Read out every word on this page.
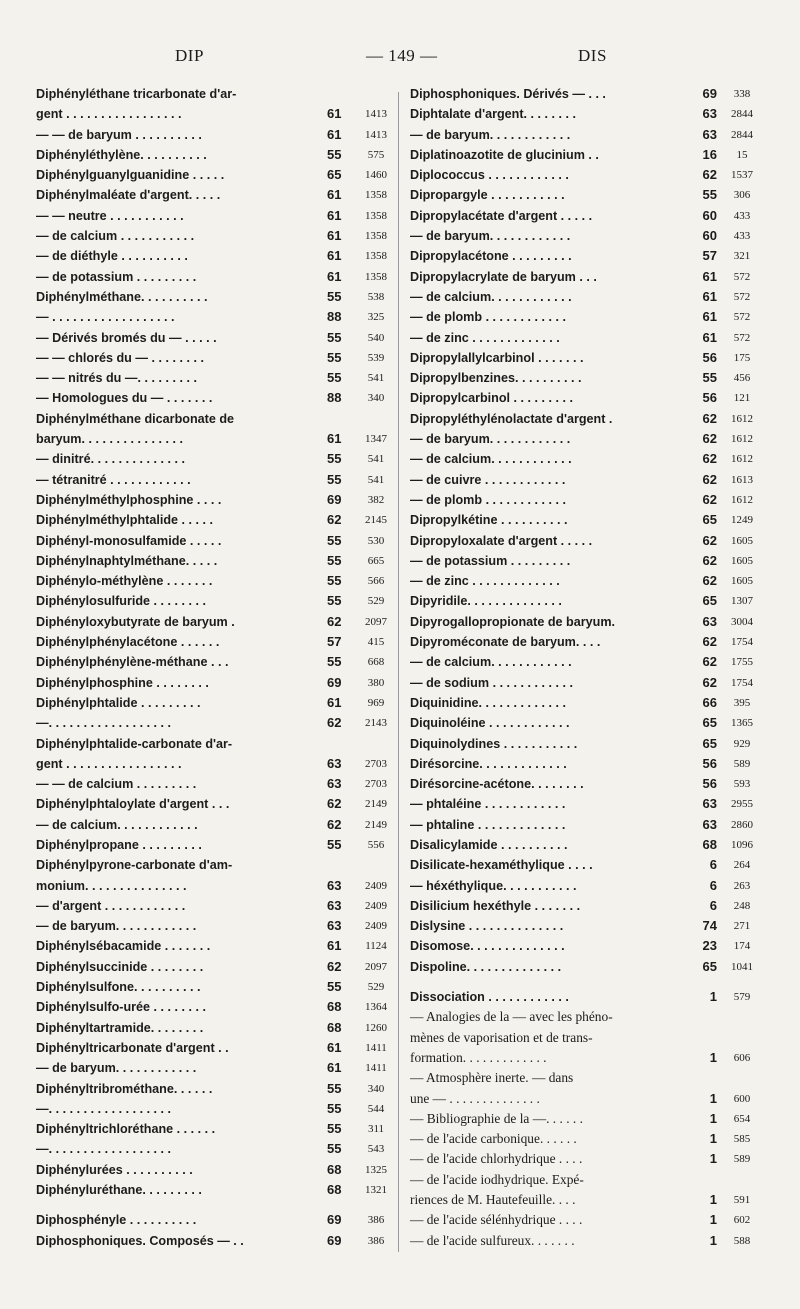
DIP	— 149 —	DIS
Diphényléthane tricarbonate d'ar-
gent . . . . . . . . . . . . . . . . .	61	1413
— — de baryum . . . . . . . . . .	61	1413
Diphényléthylène. . . . . . . . . .	55	575
Diphénylguanylguanidine . . . . .	65	1460
Diphénylmaléate d'argent. . . . .	61	1358
— — neutre . . . . . . . . . . .	61	1358
— de calcium . . . . . . . . . . .	61	1358
— de diéthyle . . . . . . . . . .	61	1358
— de potassium . . . . . . . . .	61	1358
Diphénylméthane. . . . . . . . . .	55	538
— . . . . . . . . . . . . . . . . . .	88	325
— Dérivés bromés du — . . . . .	55	540
— — chlorés du — . . . . . . . .	55	539
— — nitrés du —. . . . . . . . .	55	541
— Homologues du — . . . . . . .	88	340
Diphénylméthane dicarbonate de
baryum. . . . . . . . . . . . . . .	61	1347
— dinitré. . . . . . . . . . . . . .	55	541
— tétranitré . . . . . . . . . . . .	55	541
Diphénylméthylphosphine . . . .	69	382
Diphénylméthylphtalide . . . . .	62	2145
Diphényl-monosulfamide . . . . .	55	530
Diphénylnaphtylméthane. . . . .	55	665
Diphénylo-méthylène . . . . . . .	55	566
Diphénylosulfuride . . . . . . . .	55	529
Diphényloxybutyrate de baryum .	62	2097
Diphénylphénylacétone . . . . . .	57	415
Diphénylphénylène-méthane . . .	55	668
Diphénylphosphine . . . . . . . .	69	380
Diphénylphtalide . . . . . . . . .	61	969
—. . . . . . . . . . . . . . . . . .	62	2143
Diphénylphtalide-carbonate d'ar-
gent . . . . . . . . . . . . . . . . .	63	2703
— — de calcium . . . . . . . . .	63	2703
Diphénylphtaloylate d'argent . . .	62	2149
— de calcium. . . . . . . . . . . .	62	2149
Diphénylpropane . . . . . . . . .	55	556
Diphénylpyrone-carbonate d'am-
monium. . . . . . . . . . . . . . .	63	2409
— d'argent . . . . . . . . . . . .	63	2409
— de baryum. . . . . . . . . . . .	63	2409
Diphénylsébacamide . . . . . . .	61	1124
Diphénylsuccinide . . . . . . . .	62	2097
Diphénylsulfone. . . . . . . . . .	55	529
Diphénylsulfo-urée . . . . . . . .	68	1364
Diphényltartramide. . . . . . . .	68	1260
Diphényltricarbonate d'argent . .	61	1411
— de baryum. . . . . . . . . . . .	61	1411
Diphényltribrométhane. . . . . .	55	340
—. . . . . . . . . . . . . . . . . .	55	544
Diphényltrichloréthane . . . . . .	55	311
—. . . . . . . . . . . . . . . . . .	55	543
Diphénylurées . . . . . . . . . .	68	1325
Diphényluréthane. . . . . . . . .	68	1321
Diphosphényle . . . . . . . . . .	69	386
Diphosphoniques. Composés — . .	69	386
Diphosphoniques. Dérivés — . . .	69	338
Diphtalate d'argent. . . . . . . .	63	2844
— de baryum. . . . . . . . . . . .	63	2844
Diplatinoazotite de glucinium . .	16	15
Diplococcus . . . . . . . . . . . .	62	1537
Dipropargyle . . . . . . . . . . .	55	306
Dipropylacétate d'argent . . . . .	60	433
— de baryum. . . . . . . . . . . .	60	433
Dipropylacétone . . . . . . . . .	57	321
Dipropylacrylate de baryum . . .	61	572
— de calcium. . . . . . . . . . . .	61	572
— de plomb . . . . . . . . . . . .	61	572
— de zinc . . . . . . . . . . . . .	61	572
Dipropylallylcarbinol . . . . . . .	56	175
Dipropylbenzines. . . . . . . . . .	55	456
Dipropylcarbinol . . . . . . . . .	56	121
Dipropyléthylénolactate d'argent .	62	1612
— de baryum. . . . . . . . . . . .	62	1612
— de calcium. . . . . . . . . . . .	62	1612
— de cuivre . . . . . . . . . . . .	62	1613
— de plomb . . . . . . . . . . . .	62	1612
Dipropylkétine . . . . . . . . . .	65	1249
Dipropyloxalate d'argent . . . . .	62	1605
— de potassium . . . . . . . . .	62	1605
— de zinc . . . . . . . . . . . . .	62	1605
Dipyridile. . . . . . . . . . . . . .	65	1307
Dipyrogallopropionate de baryum.	63	3004
Dipyroméconate de baryum. . . .	62	1754
— de calcium. . . . . . . . . . . .	62	1755
— de sodium . . . . . . . . . . . .	62	1754
Diquinidine. . . . . . . . . . . . .	66	395
Diquinoléine . . . . . . . . . . . .	65	1365
Diquinolydines . . . . . . . . . . .	65	929
Dirésorcine. . . . . . . . . . . . .	56	589
Dirésorcine-acétone. . . . . . . .	56	593
— phtaléine . . . . . . . . . . . .	63	2955
— phtaline . . . . . . . . . . . . .	63	2860
Disalicylamide . . . . . . . . . .	68	1096
Disilicate-hexaméthylique . . . .	6	264
— héxéthylique. . . . . . . . . . .	6	263
Disilicium hexéthyle . . . . . . .	6	248
Dislysine . . . . . . . . . . . . . .	74	271
Disomose. . . . . . . . . . . . . .	23	174
Dispoline. . . . . . . . . . . . . .	65	1041
Dissociation . . . . . . . . . . . .	1	579
— Analogies de la — avec les phéno-
mènes de vaporisation et de trans-
formation. . . . . . . . . . . . .	1	606
— Atmosphère inerte. — dans
une — . . . . . . . . . . . . . .	1	600
— Bibliographie de la —. . . . . .	1	654
— de l'acide carbonique. . . . . .	1	585
— de l'acide chlorhydrique . . . .	1	589
— de l'acide iodhydrique. Expé-
riences de M. Hautefeuille. . . .	1	591
— de l'acide sélénhydrique . . . .	1	602
— de l'acide sulfureux. . . . . . .	1	588
